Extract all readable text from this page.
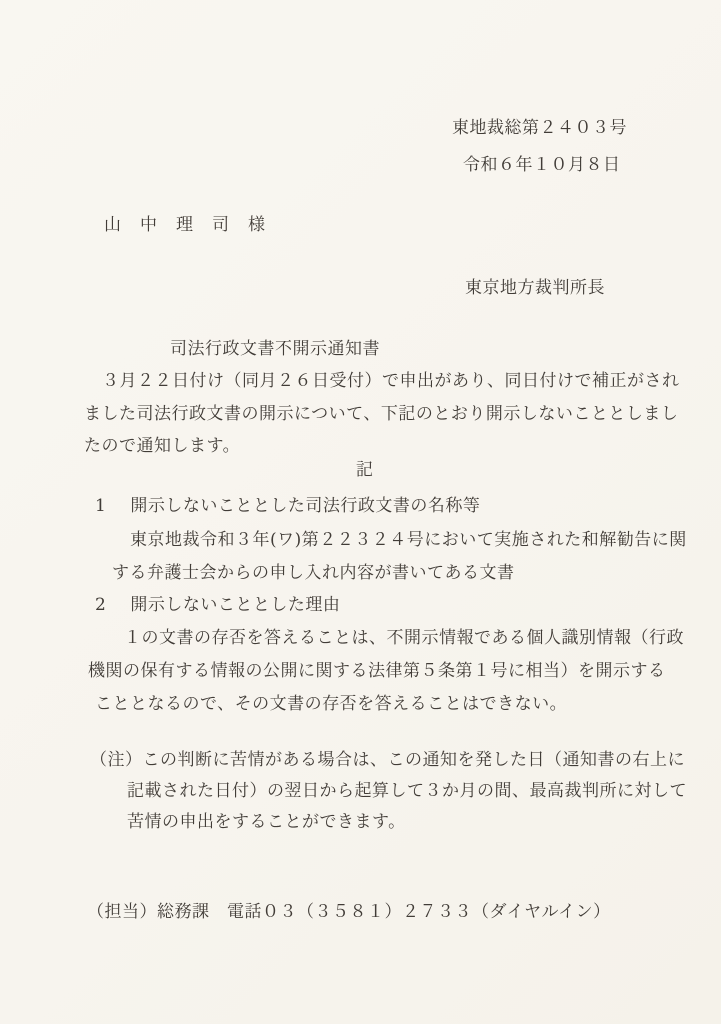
東地裁総第２４０３号
令和６年１０月８日
山　中　理　司　様
東京地方裁判所長
司法行政文書不開示通知書
３月２２日付け（同月２６日受付）で申出があり、同日付けで補正がされ
ました司法行政文書の開示について、下記のとおり開示しないこととしまし
たので通知します。
記
1 開示しないこととした司法行政文書の名称等
東京地裁令和３年(ワ)第２２３２４号において実施された和解勧告に関
する弁護士会からの申し入れ内容が書いてある文書
2 開示しないこととした理由
１の文書の存否を答えることは、不開示情報である個人識別情報（行政
機関の保有する情報の公開に関する法律第５条第１号に相当）を開示する
こととなるので、その文書の存否を答えることはできない。
（注）この判断に苦情がある場合は、この通知を発した日（通知書の右上に
記載された日付）の翌日から起算して３か月の間、最高裁判所に対して
苦情の申出をすることができます。
（担当）総務課　電話０３（３５８１）２７３３（ダイヤルイン）
